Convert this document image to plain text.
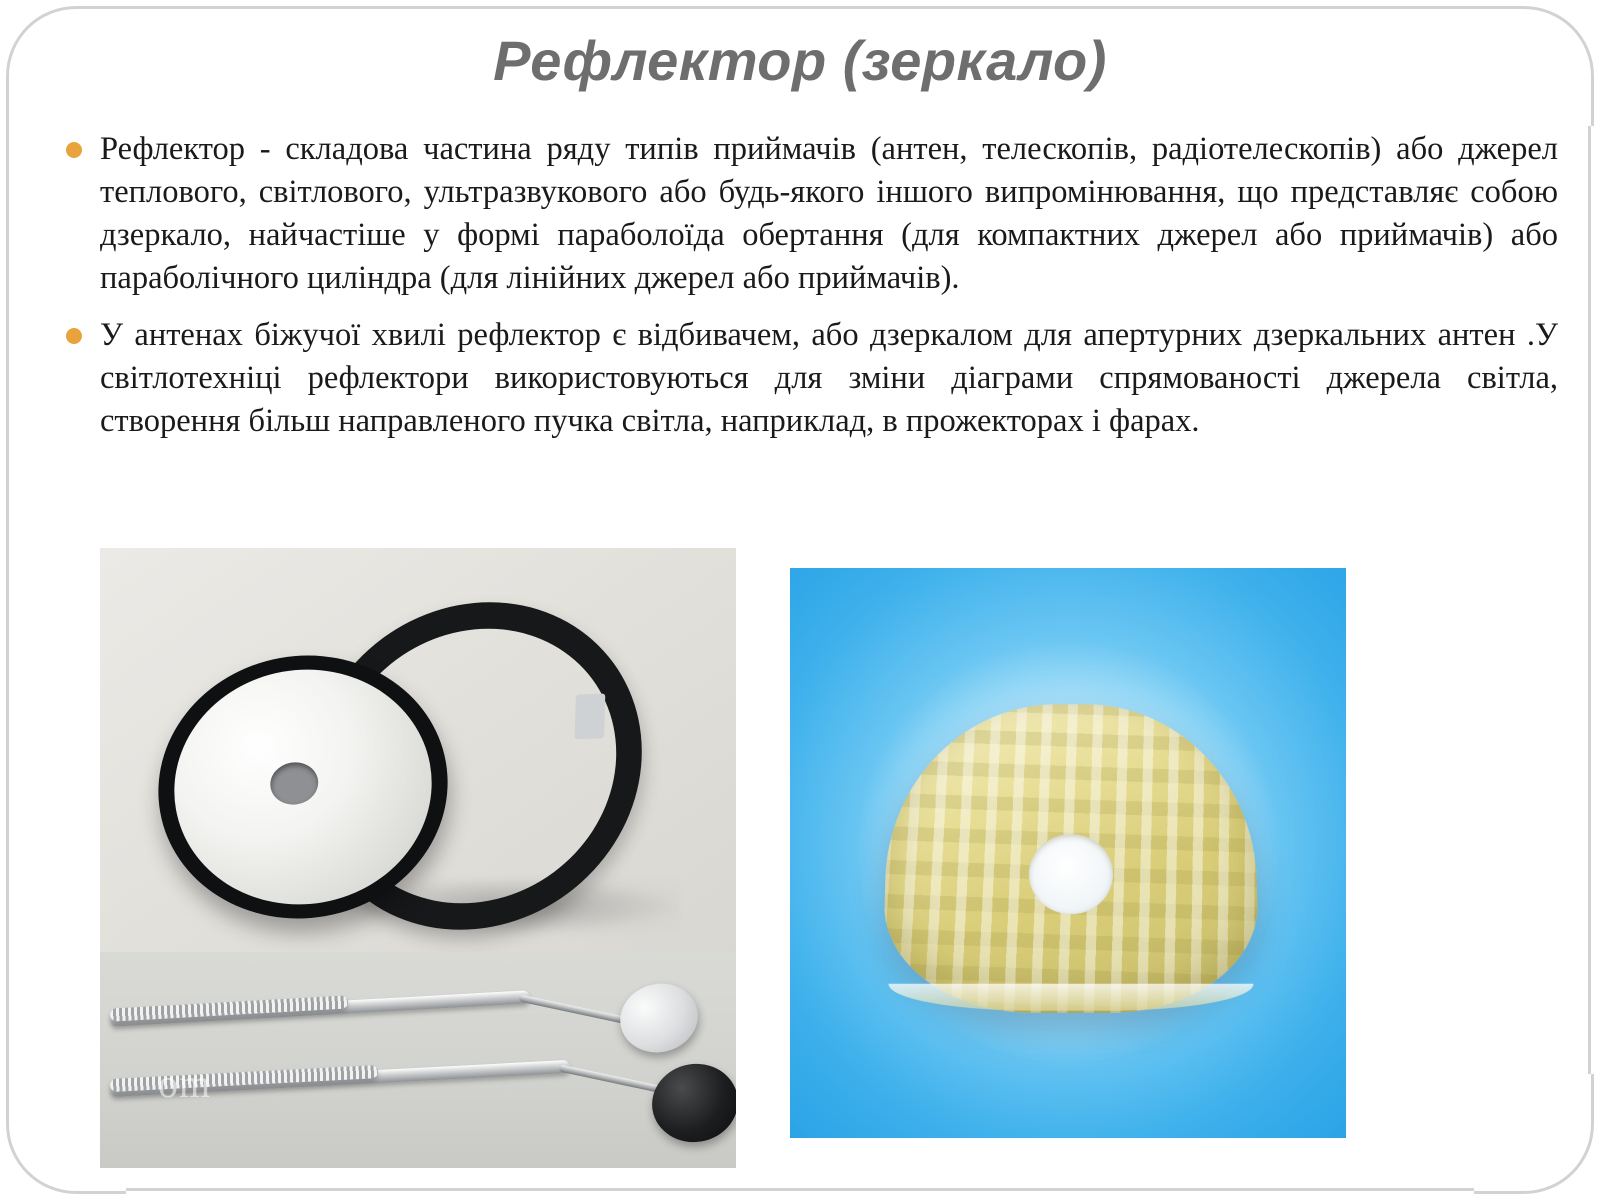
Рефлектор (зеркало)
Рефлектор - складова частина ряду типів приймачів (антен, телескопів, радіотелескопів) або джерел теплового, світлового, ультразвукового або будь-якого іншого випромінювання, що представляє собою дзеркало, найчастіше у формі параболоїда обертання (для компактних джерел або приймачів) або параболічного циліндра (для лінійних джерел або приймачів).
У антенах біжучої хвилі рефлектор є відбивачем, або дзеркалом для апертурних дзеркальних антен .У світлотехніці рефлектори використовуються для зміни діаграми спрямованості джерела світла, створення більш направленого пучка світла, наприклад, в прожекторах і фарах.
om
